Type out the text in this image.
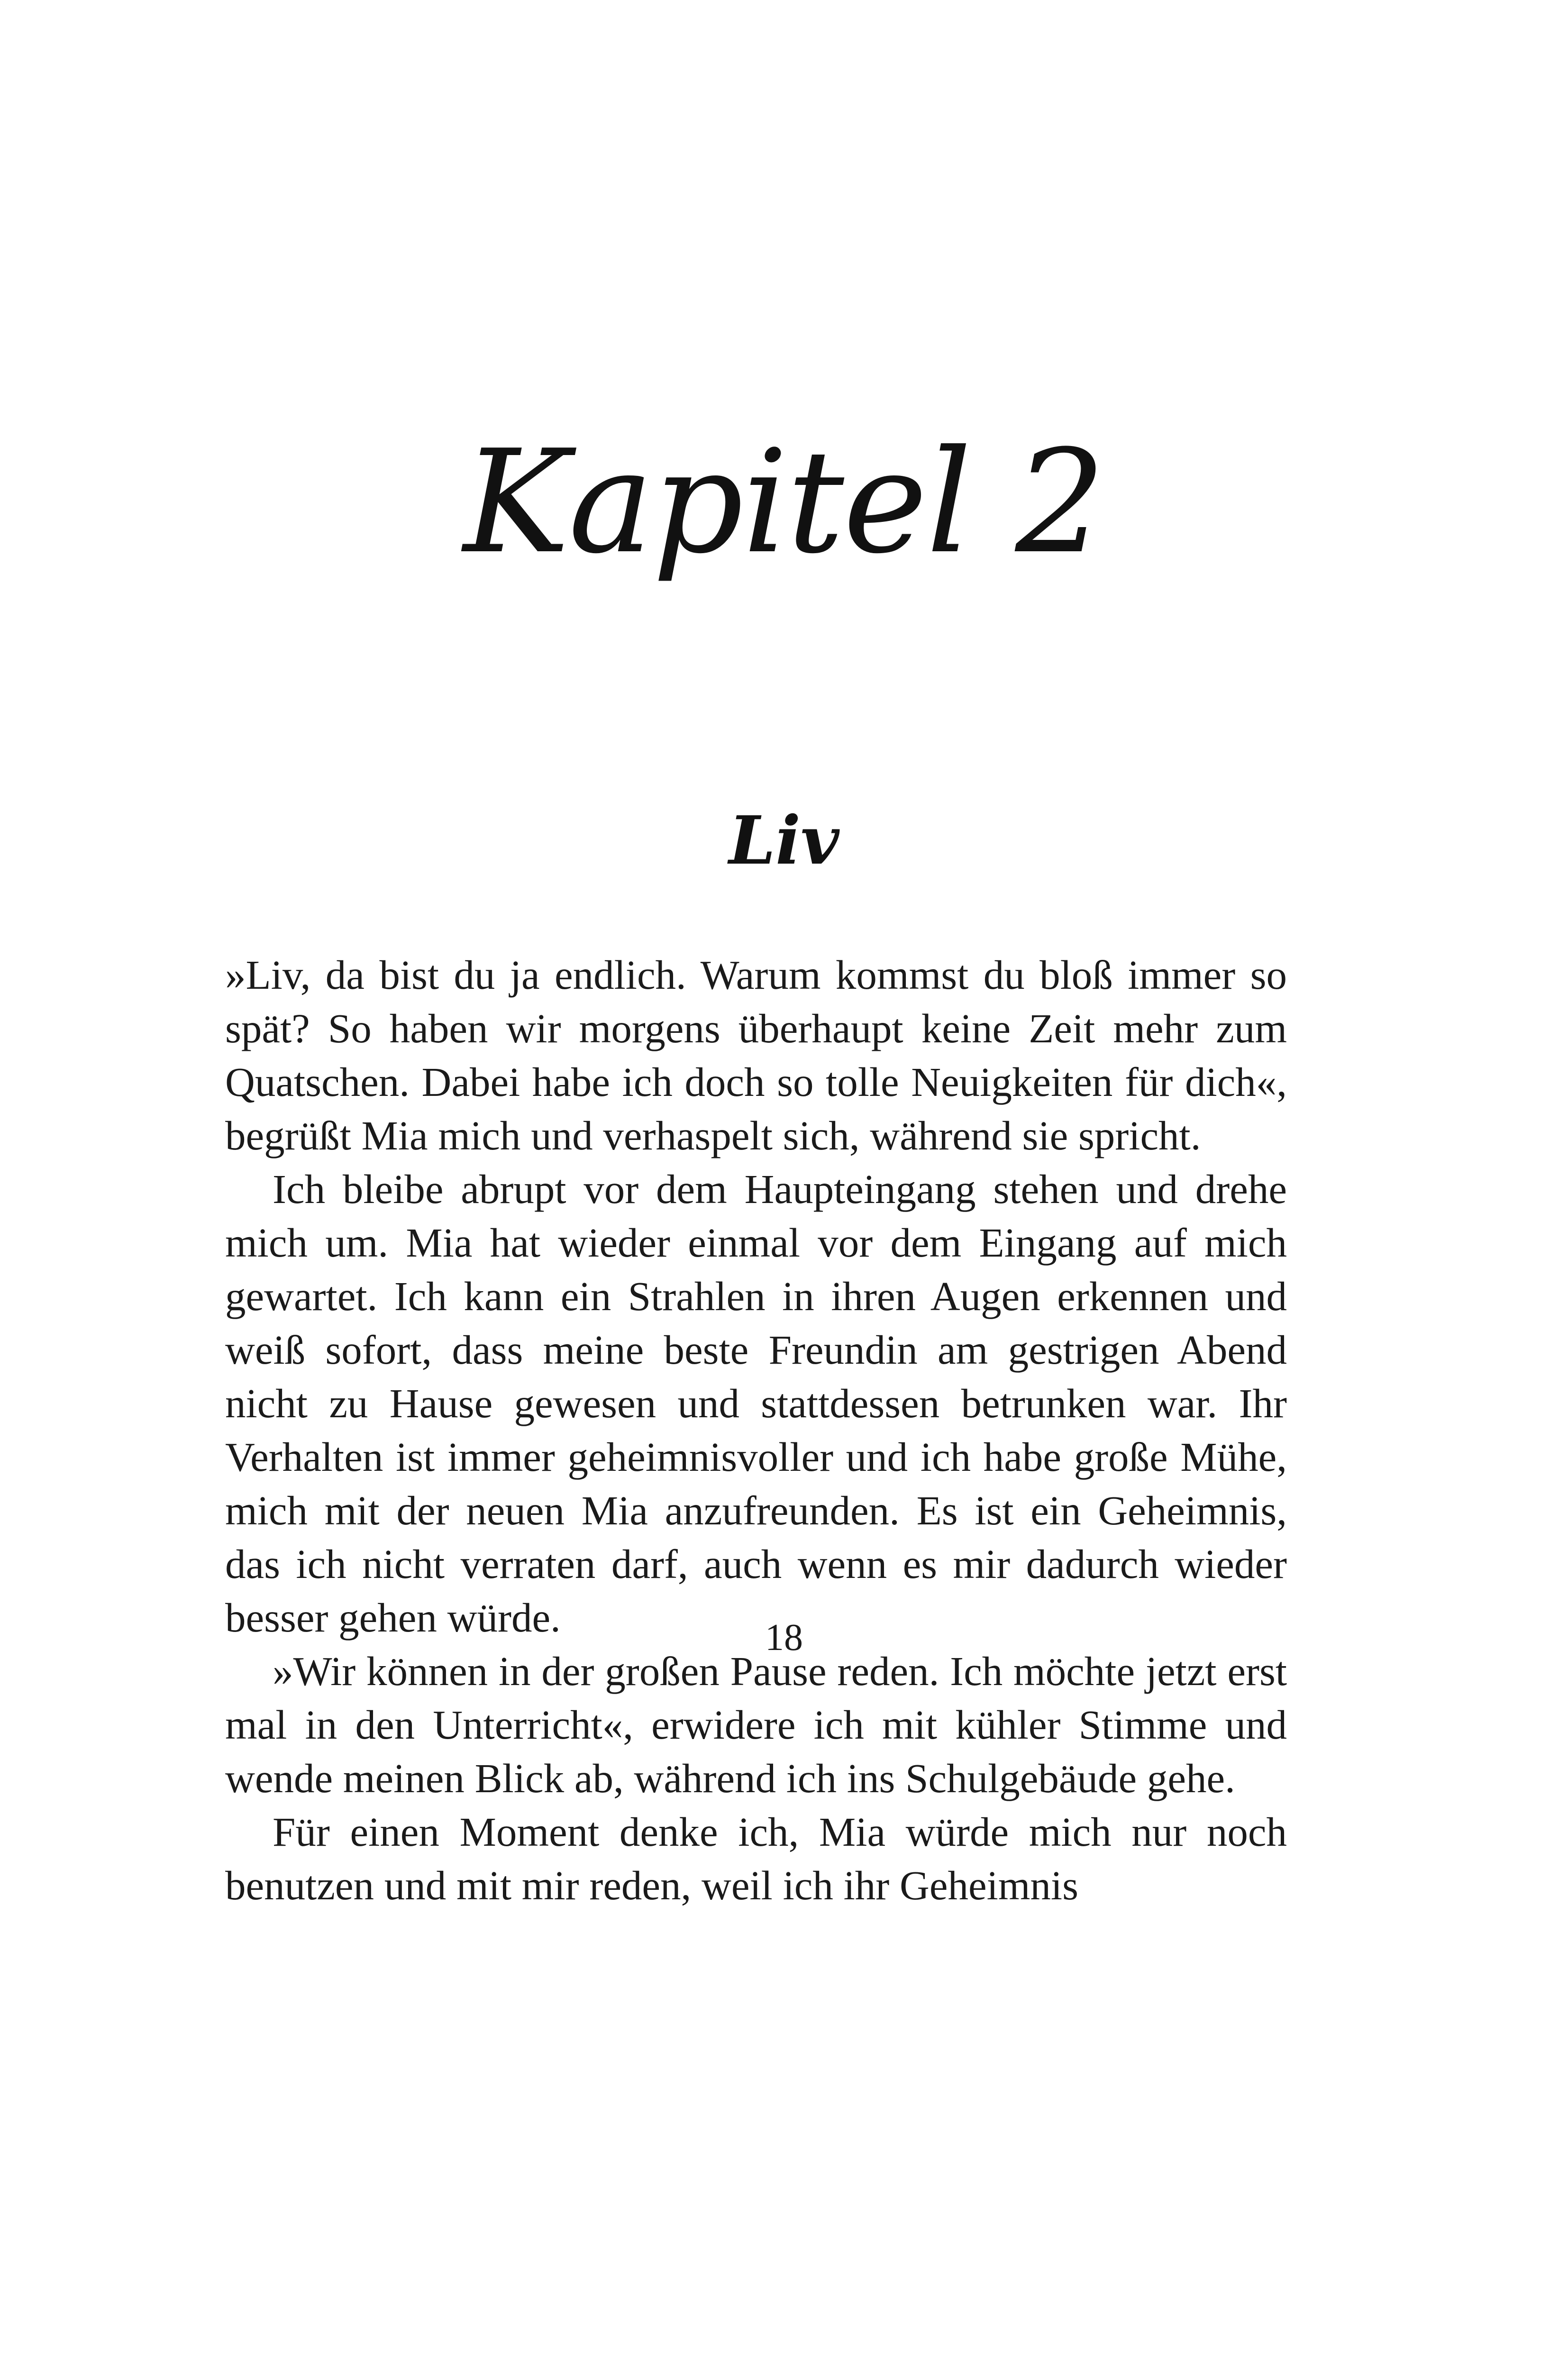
Kapitel 2
Liv

»Liv, da bist du ja endlich. Warum kommst du bloß immer so spät? So haben wir morgens überhaupt keine Zeit mehr zum Quatschen. Dabei habe ich doch so tolle Neuigkeiten für dich«, begrüßt Mia mich und verhaspelt sich, während sie spricht.

Ich bleibe abrupt vor dem Haupteingang stehen und drehe mich um. Mia hat wieder einmal vor dem Eingang auf mich gewartet. Ich kann ein Strahlen in ihren Augen erkennen und weiß sofort, dass meine beste Freundin am gestrigen Abend nicht zu Hause gewesen und stattdessen betrunken war. Ihr Verhalten ist immer geheimnisvoller und ich habe große Mühe, mich mit der neuen Mia anzufreunden. Es ist ein Geheimnis, das ich nicht verraten darf, auch wenn es mir dadurch wieder besser gehen würde.

»Wir können in der großen Pause reden. Ich möchte jetzt erst mal in den Unterricht«, erwidere ich mit kühler Stimme und wende meinen Blick ab, während ich ins Schulgebäude gehe.

Für einen Moment denke ich, Mia würde mich nur noch benutzen und mit mir reden, weil ich ihr Geheimnis

18
